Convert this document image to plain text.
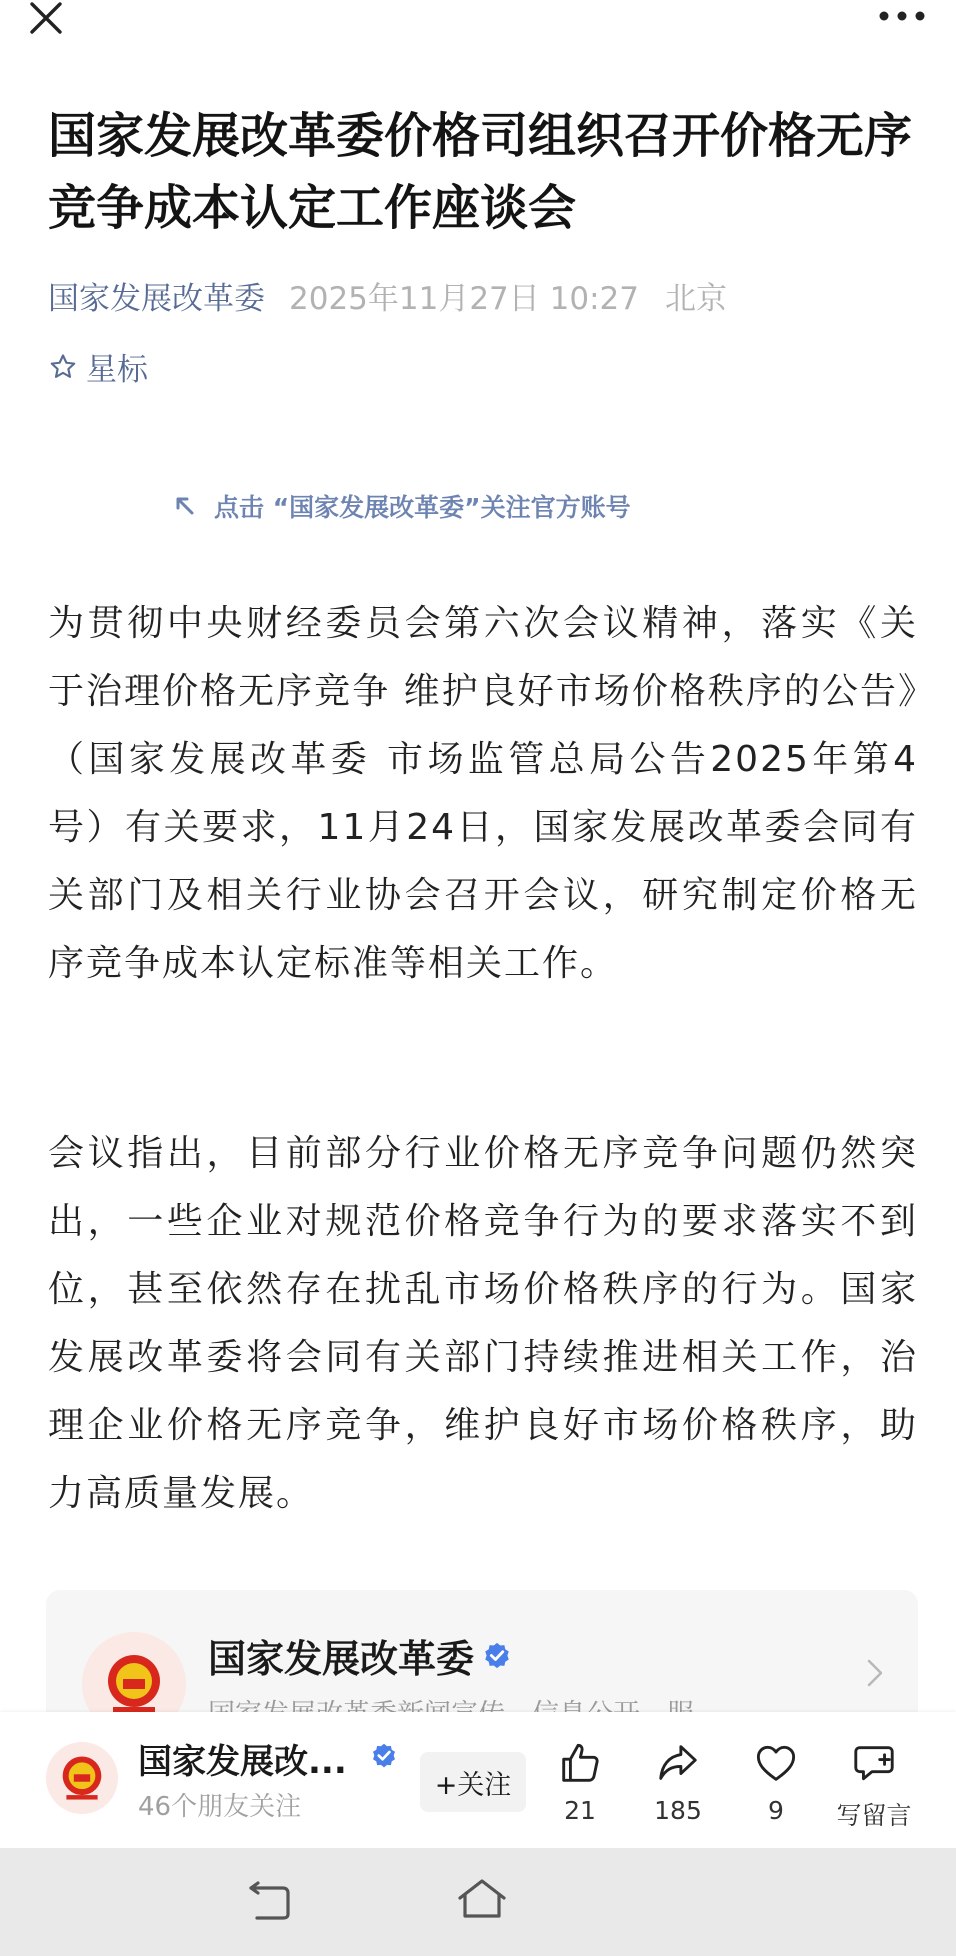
国家发展改革委价格司组织召开价格无序竞争成本认定工作座谈会
国家发展改革委 2025年11月27日 10:27 北京
星标
点击 “国家发展改革委”关注官方账号

为贯彻中央财经委员会第六次会议精神，落实《关于治理价格无序竞争 维护良好市场价格秩序的公告》（国家发展改革委 市场监管总局公告2025年第4号）有关要求，11月24日，国家发展改革委会同有关部门及相关行业协会召开会议，研究制定价格无序竞争成本认定标准等相关工作。

会议指出，目前部分行业价格无序竞争问题仍然突出，一些企业对规范价格竞争行为的要求落实不到位，甚至依然存在扰乱市场价格秩序的行为。国家发展改革委将会同有关部门持续推进相关工作，治理企业价格无序竞争，维护良好市场价格秩序，助力高质量发展。

国家发展改革委
国家发展改...
46个朋友关注
+关注
21 185	9 写留言
